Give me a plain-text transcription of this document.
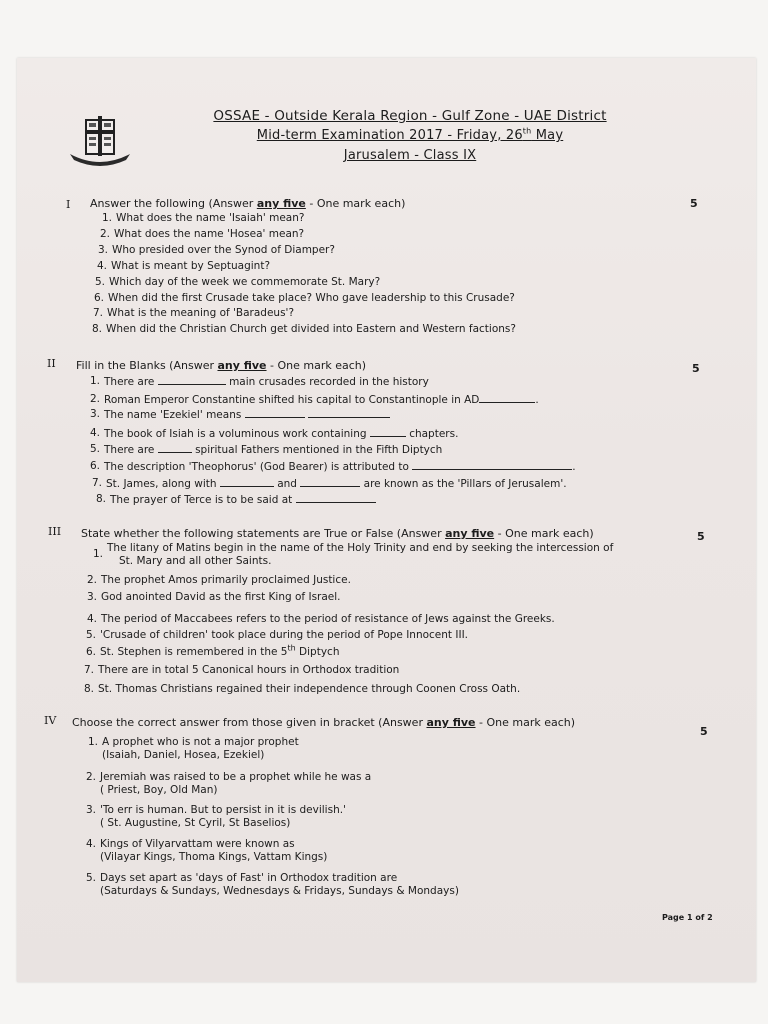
OSSAE - Outside Kerala Region - Gulf Zone - UAE District
Mid-term Examination 2017 - Friday, 26th May
Jarusalem - Class IX
I Answer the following (Answer any five - One mark each)	5
1. What does the name 'Isaiah' mean?
2. What does the name 'Hosea' mean?
3. Who presided over the Synod of Diamper?
4. What is meant by Septuagint?
5. Which day of the week we commemorate St. Mary?
6. When did the first Crusade take place? Who gave leadership to this Crusade?
7. What is the meaning of 'Baradeus'?
8. When did the Christian Church get divided into Eastern and Western factions?
II Fill in the Blanks (Answer any five - One mark each)	5
1. There are	main crusades recorded in the history
2. Roman Emperor Constantine shifted his capital to Constantinople in AD	.
3. The name 'Ezekiel' means
4. The book of Isiah is a voluminous work containing	chapters.
5. There are	spiritual Fathers mentioned in the Fifth Diptych
6. The description 'Theophorus' (God Bearer) is attributed to	.
7. St. James, along with	and	are known as the 'Pillars of Jerusalem'.
8. The prayer of Terce is to be said at
III State whether the following statements are True or False (Answer any five - One mark each)	5
1. The litany of Matins begin in the name of the Holy Trinity and end by seeking the intercession of
St. Mary and all other Saints.
2. The prophet Amos primarily proclaimed Justice.
3. God anointed David as the first King of Israel.
4. The period of Maccabees refers to the period of resistance of Jews against the Greeks.
5. 'Crusade of children' took place during the period of Pope Innocent III.
6. St. Stephen is remembered in the 5th Diptych
7. There are in total 5 Canonical hours in Orthodox tradition
8. St. Thomas Christians regained their independence through Coonen Cross Oath.
IV Choose the correct answer from those given in bracket (Answer any five - One mark each)
5
1. A prophet who is not a major prophet
(Isaiah, Daniel, Hosea, Ezekiel)
2. Jeremiah was raised to be a prophet while he was a
( Priest, Boy, Old Man)
3. 'To err is human. But to persist in it is devilish.'
( St. Augustine, St Cyril, St Baselios)
4. Kings of Vilyarvattam were known as
(Vilayar Kings, Thoma Kings, Vattam Kings)
5. Days set apart as 'days of Fast' in Orthodox tradition are
(Saturdays & Sundays, Wednesdays & Fridays, Sundays & Mondays)
Page 1 of 2
